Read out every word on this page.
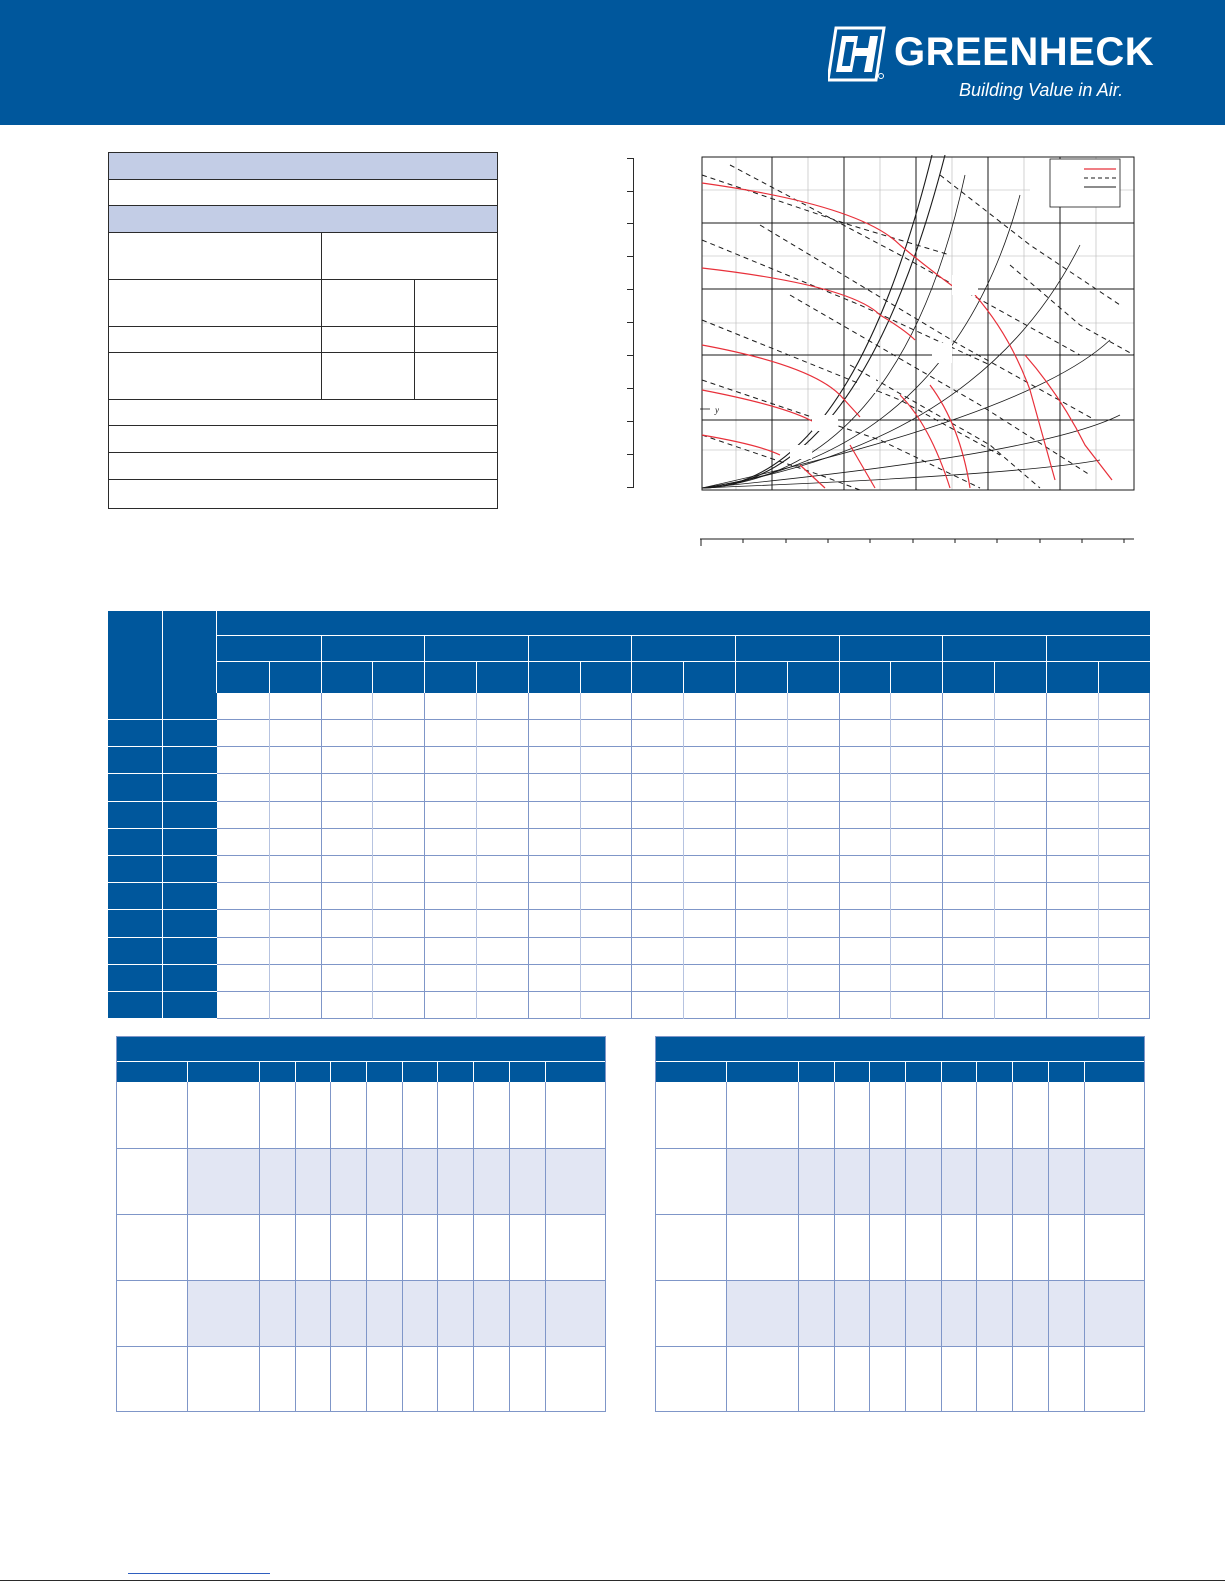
GREENHECK
Building Value in Air.
y
